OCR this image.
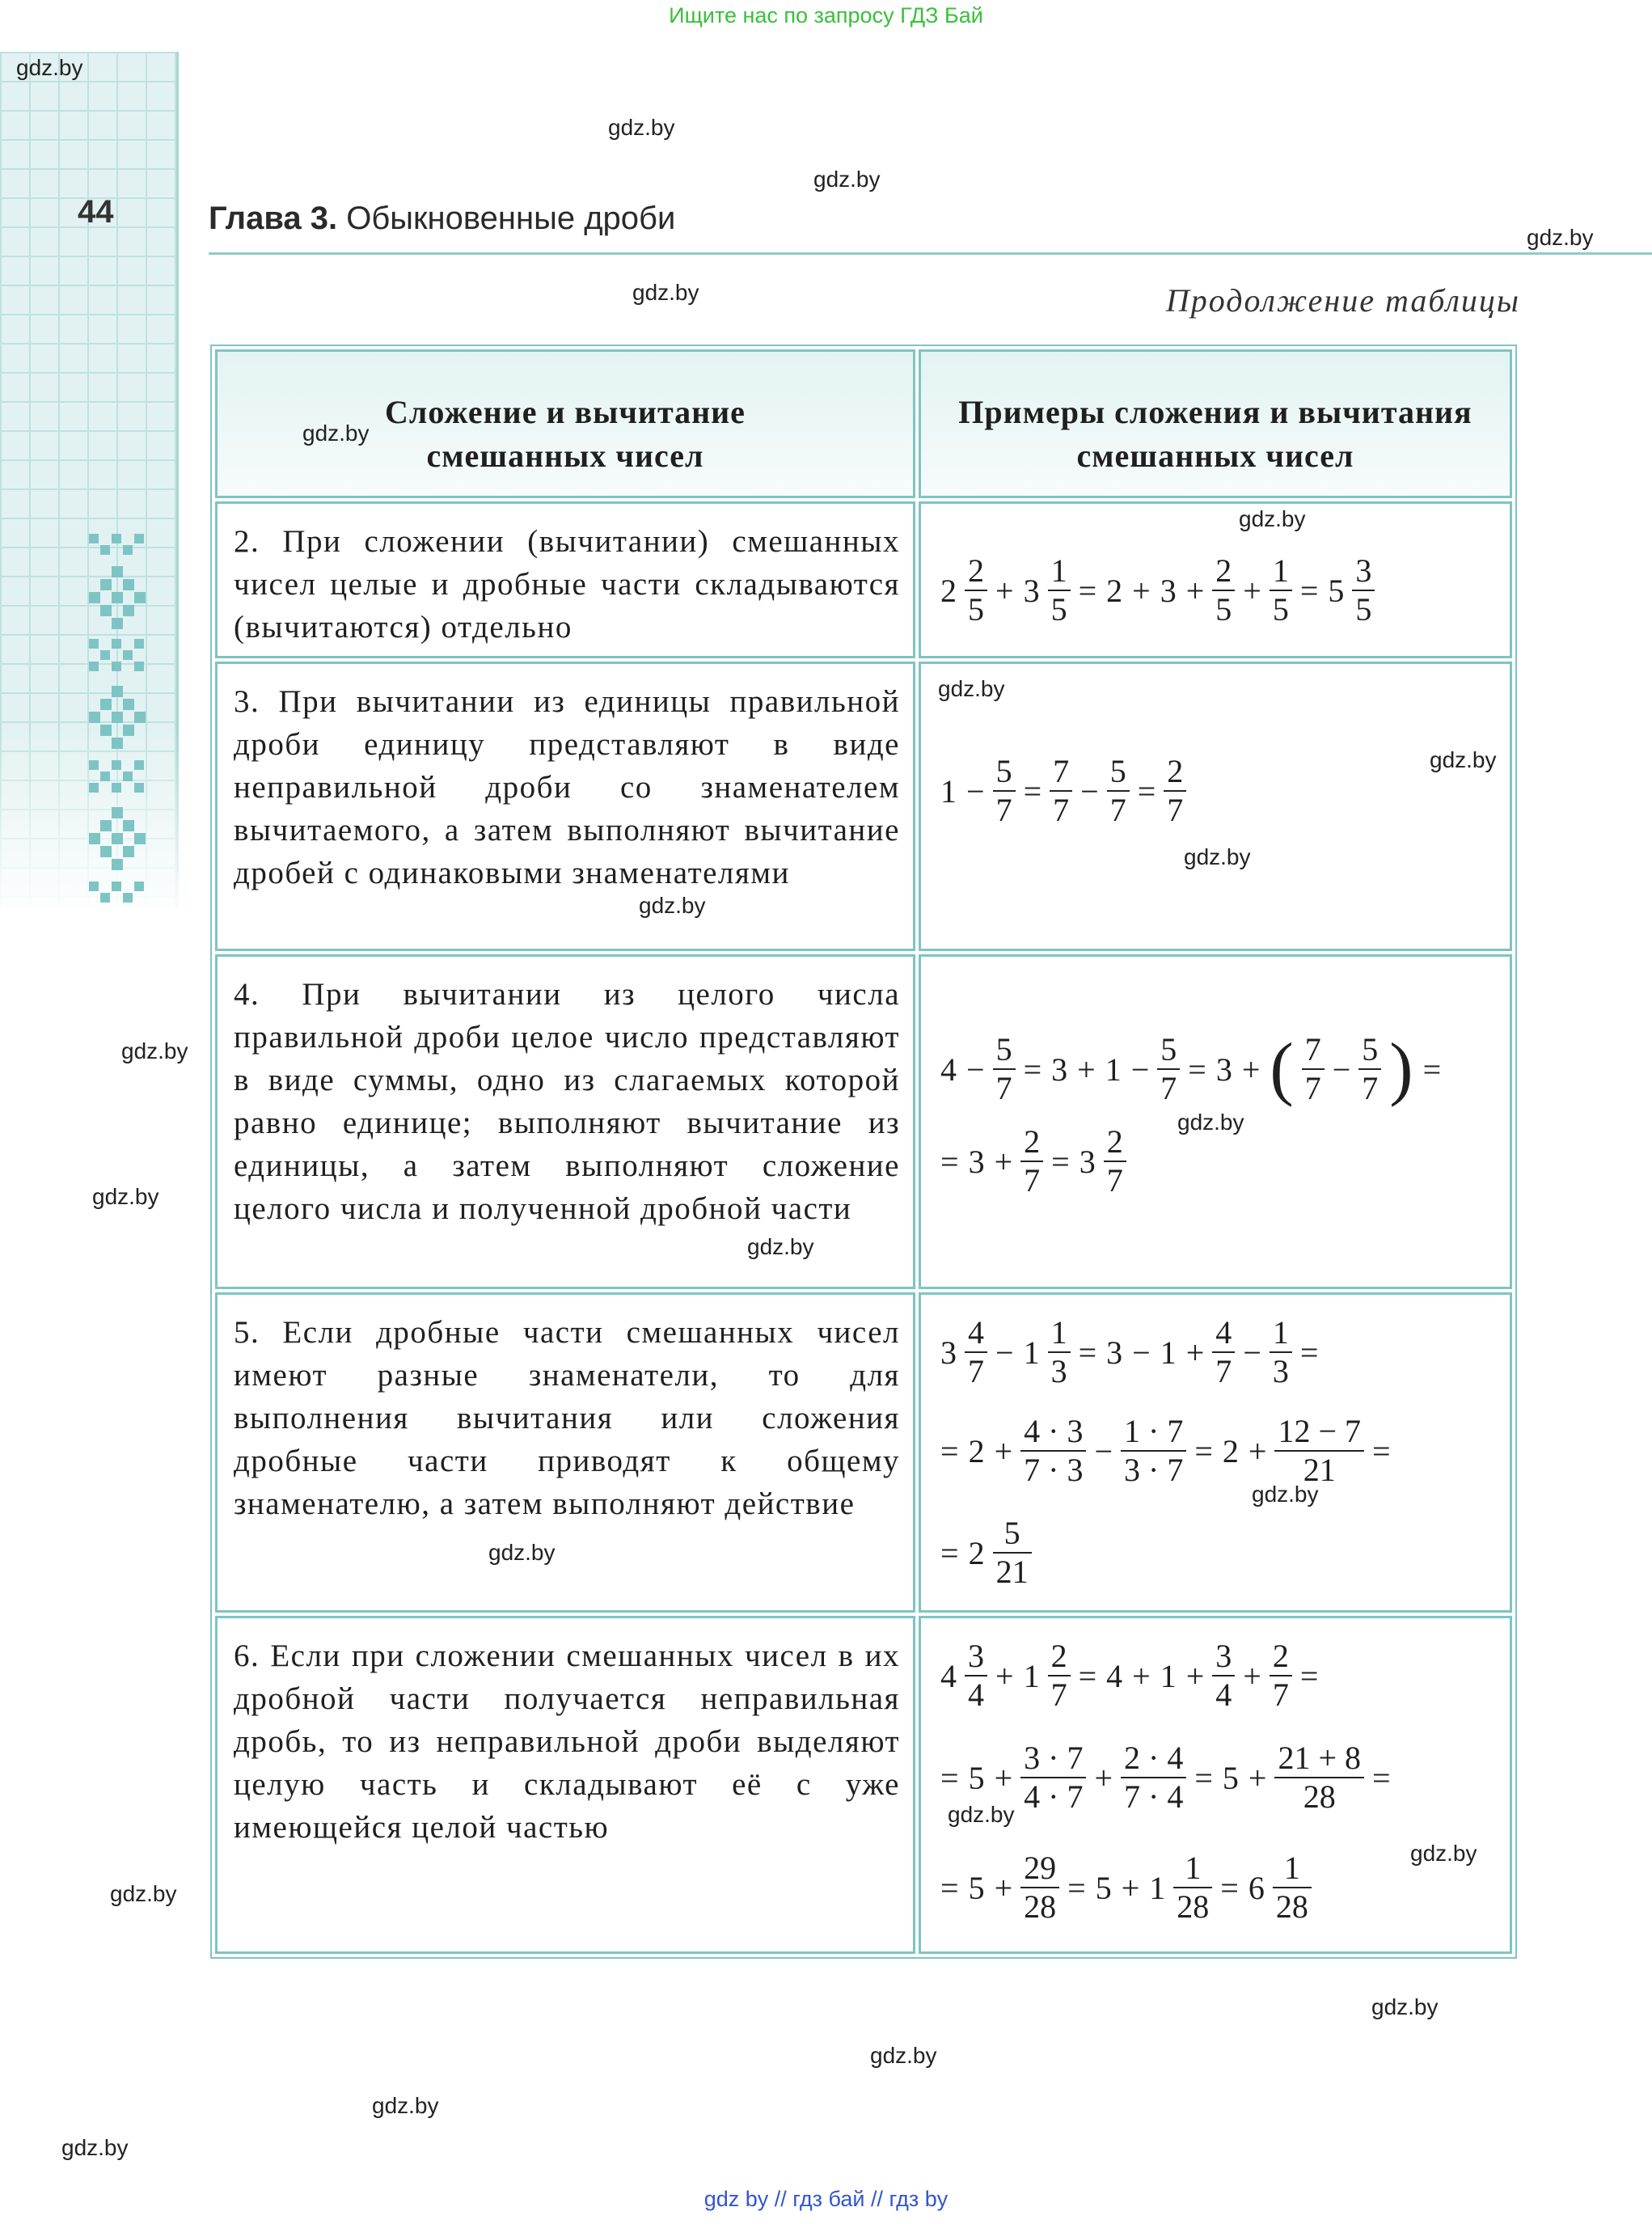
Ищите нас по запросу ГДЗ Бай
44	Глава 3. Обыкновенные дроби
Продолжение таблицы
Сложение и вычитание смешанных чисел
Примеры сложения и вычитания смешанных чисел
2. При сложении (вычитании) смешанных чисел целые и дробные части складываются (вычитаются) отдельно
$2 \frac{2}{5} + 3 \frac{1}{5} = 2 + 3 + \frac{2}{5} + \frac{1}{5} = 5 \frac{3}{5}$
3. При вычитании из единицы правильной дроби единицу представляют в виде неправильной дроби со знаменателем вычитаемого, а затем выполняют вычитание дробей с одинаковыми знаменателями
$1 - \frac{5}{7} = \frac{7}{7} - \frac{5}{7} = \frac{2}{7}$
4. При вычитании из целого числа правильной дроби целое число представляют в виде суммы, одно из слагаемых которой равно единице; выполняют вычитание из единицы, а затем выполняют сложение целого числа и полученной дробной части
$4 - \frac{5}{7} = 3 + 1 - \frac{5}{7} = 3$ + ( $\frac{7}{7} - \frac{5}{7}$ ) =
= $3 + \frac{2}{7} = 3 \frac{2}{7}$
5. Если дробные части смешанных чисел имеют разные знаменатели, то для выполнения вычитания или сложения дробные части приводят к общему знаменателю, а затем выполняют действие
$3 \frac{4}{7} - 1 \frac{1}{3} = 3 - 1 + \frac{4}{7} - \frac{1}{3}$ =
= $2 + \frac{4 \cdot 3}{7 \cdot 3} - \frac{1 \cdot 7}{3 \cdot 7} = 2 + \frac{12 - 7}{21}$ =
= $2 \frac{5}{21}$
6. Если при сложении смешанных чисел в их дробной части получается неправильная дробь, то из неправильной дроби выделяют целую часть и складывают её с уже имеющейся целой частью
$4 \frac{3}{4} + 1 \frac{2}{7} = 4 + 1 + \frac{3}{4} + \frac{2}{7}$ =
= $5 + \frac{3 \cdot 7}{4 \cdot 7} + \frac{2 \cdot 4}{7 \cdot 4} = 5 + \frac{21 + 8}{28}$ =
= $5 + \frac{29}{28} = 5 + 1 \frac{1}{28} = 6 \frac{1}{28}$
gdz.by
gdz.by
gdz.by
gdz.by
gdz.by
gdz.by
gdz.by
gdz.by
gdz.by
gdz.by
gdz.by
gdz.by
gdz.by
gdz.by
gdz.by
gdz.by
gdz.by
gdz.by
gdz.by
gdz.by
gdz.by
gdz.by
gdz.by
gdz.by
gdz by // гдз бай // гдз by
